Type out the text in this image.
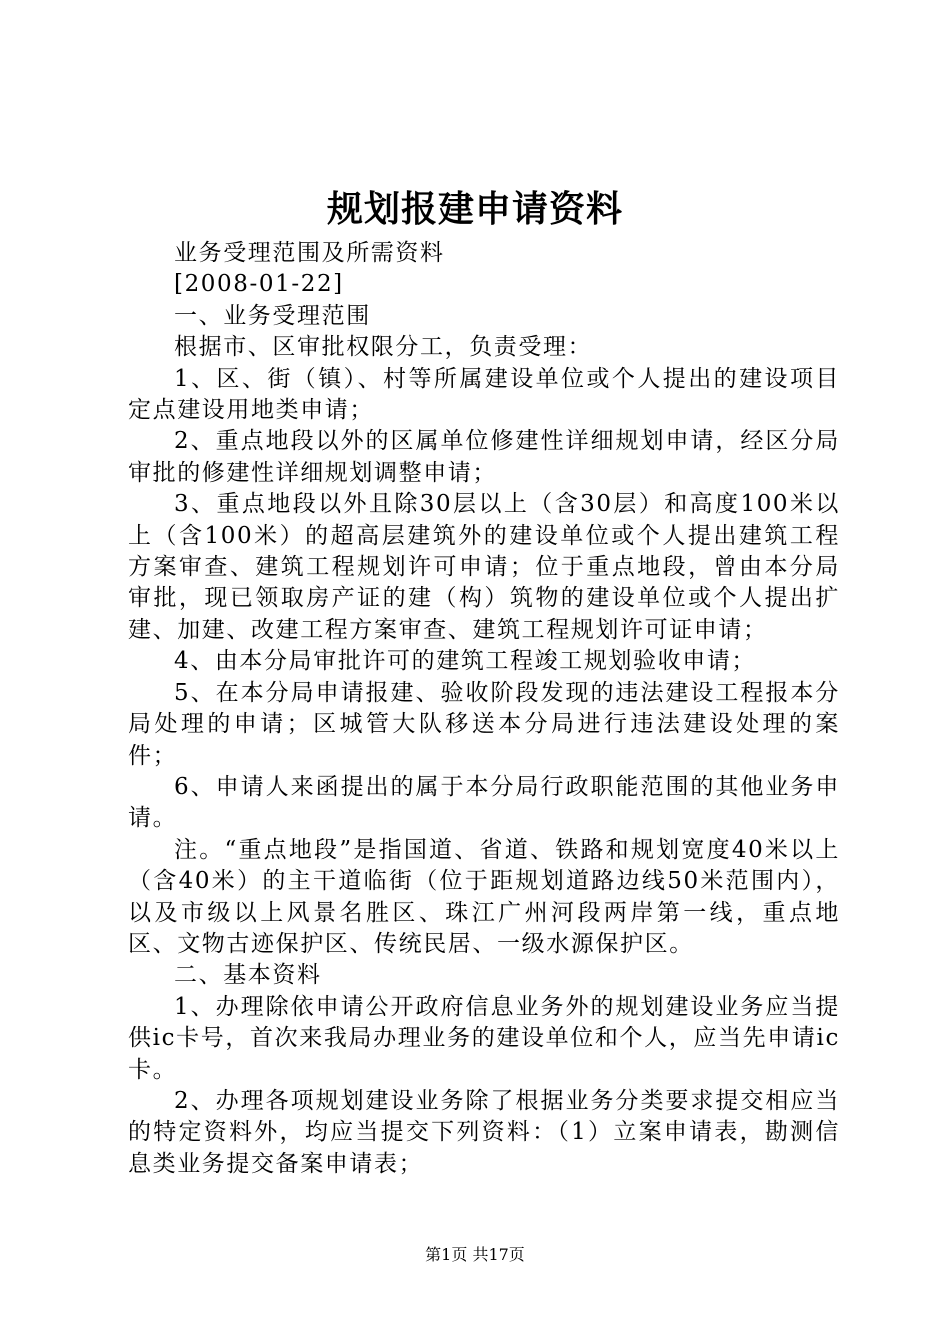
规划报建申请资料

业务受理范围及所需资料

[2008-01-22]

一、业务受理范围

根据市、区审批权限分工，负责受理：

1、区、街（镇）、村等所属建设单位或个人提出的建设项目定点建设用地类申请；

2、重点地段以外的区属单位修建性详细规划申请，经区分局审批的修建性详细规划调整申请；

3、重点地段以外且除30层以上（含30层）和高度100米以上（含100米）的超高层建筑外的建设单位或个人提出建筑工程方案审查、建筑工程规划许可申请；位于重点地段，曾由本分局审批，现已领取房产证的建（构）筑物的建设单位或个人提出扩建、加建、改建工程方案审查、建筑工程规划许可证申请；

4、由本分局审批许可的建筑工程竣工规划验收申请；

5、在本分局申请报建、验收阶段发现的违法建设工程报本分局处理的申请；区城管大队移送本分局进行违法建设处理的案件；

6、申请人来函提出的属于本分局行政职能范围的其他业务申请。

注。“重点地段”是指国道、省道、铁路和规划宽度40米以上（含40米）的主干道临街（位于距规划道路边线50米范围内），以及市级以上风景名胜区、珠江广州河段两岸第一线，重点地区、文物古迹保护区、传统民居、一级水源保护区。

二、基本资料

1、办理除依申请公开政府信息业务外的规划建设业务应当提供ic卡号，首次来我局办理业务的建设单位和个人，应当先申请ic卡。

2、办理各项规划建设业务除了根据业务分类要求提交相应当的特定资料外，均应当提交下列资料：（1）立案申请表，勘测信息类业务提交备案申请表；

第1页 共17页
